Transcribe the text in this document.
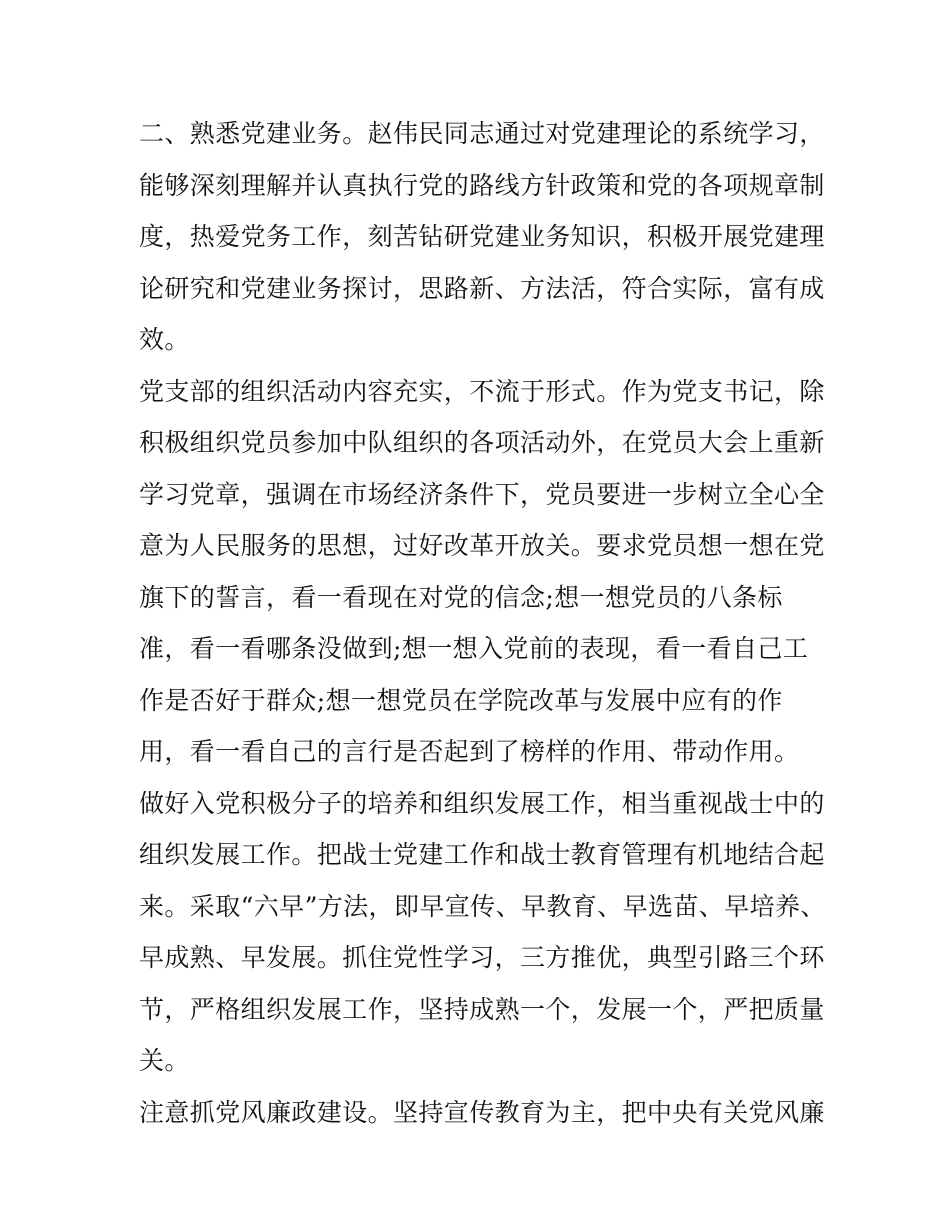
二、熟悉党建业务。赵伟民同志通过对党建理论的系统学习，
能够深刻理解并认真执行党的路线方针政策和党的各项规章制
度，热爱党务工作，刻苦钻研党建业务知识，积极开展党建理
论研究和党建业务探讨，思路新、方法活，符合实际，富有成
效。
党支部的组织活动内容充实，不流于形式。作为党支书记，除
积极组织党员参加中队组织的各项活动外，在党员大会上重新
学习党章，强调在市场经济条件下，党员要进一步树立全心全
意为人民服务的思想，过好改革开放关。要求党员想一想在党
旗下的誓言，看一看现在对党的信念;想一想党员的八条标
准，看一看哪条没做到;想一想入党前的表现，看一看自己工
作是否好于群众;想一想党员在学院改革与发展中应有的作
用，看一看自己的言行是否起到了榜样的作用、带动作用。
做好入党积极分子的培养和组织发展工作，相当重视战士中的
组织发展工作。把战士党建工作和战士教育管理有机地结合起
来。采取“六早”方法，即早宣传、早教育、早选苗、早培养、
早成熟、早发展。抓住党性学习，三方推优，典型引路三个环
节，严格组织发展工作，坚持成熟一个，发展一个，严把质量
关。
注意抓党风廉政建设。坚持宣传教育为主，把中央有关党风廉
